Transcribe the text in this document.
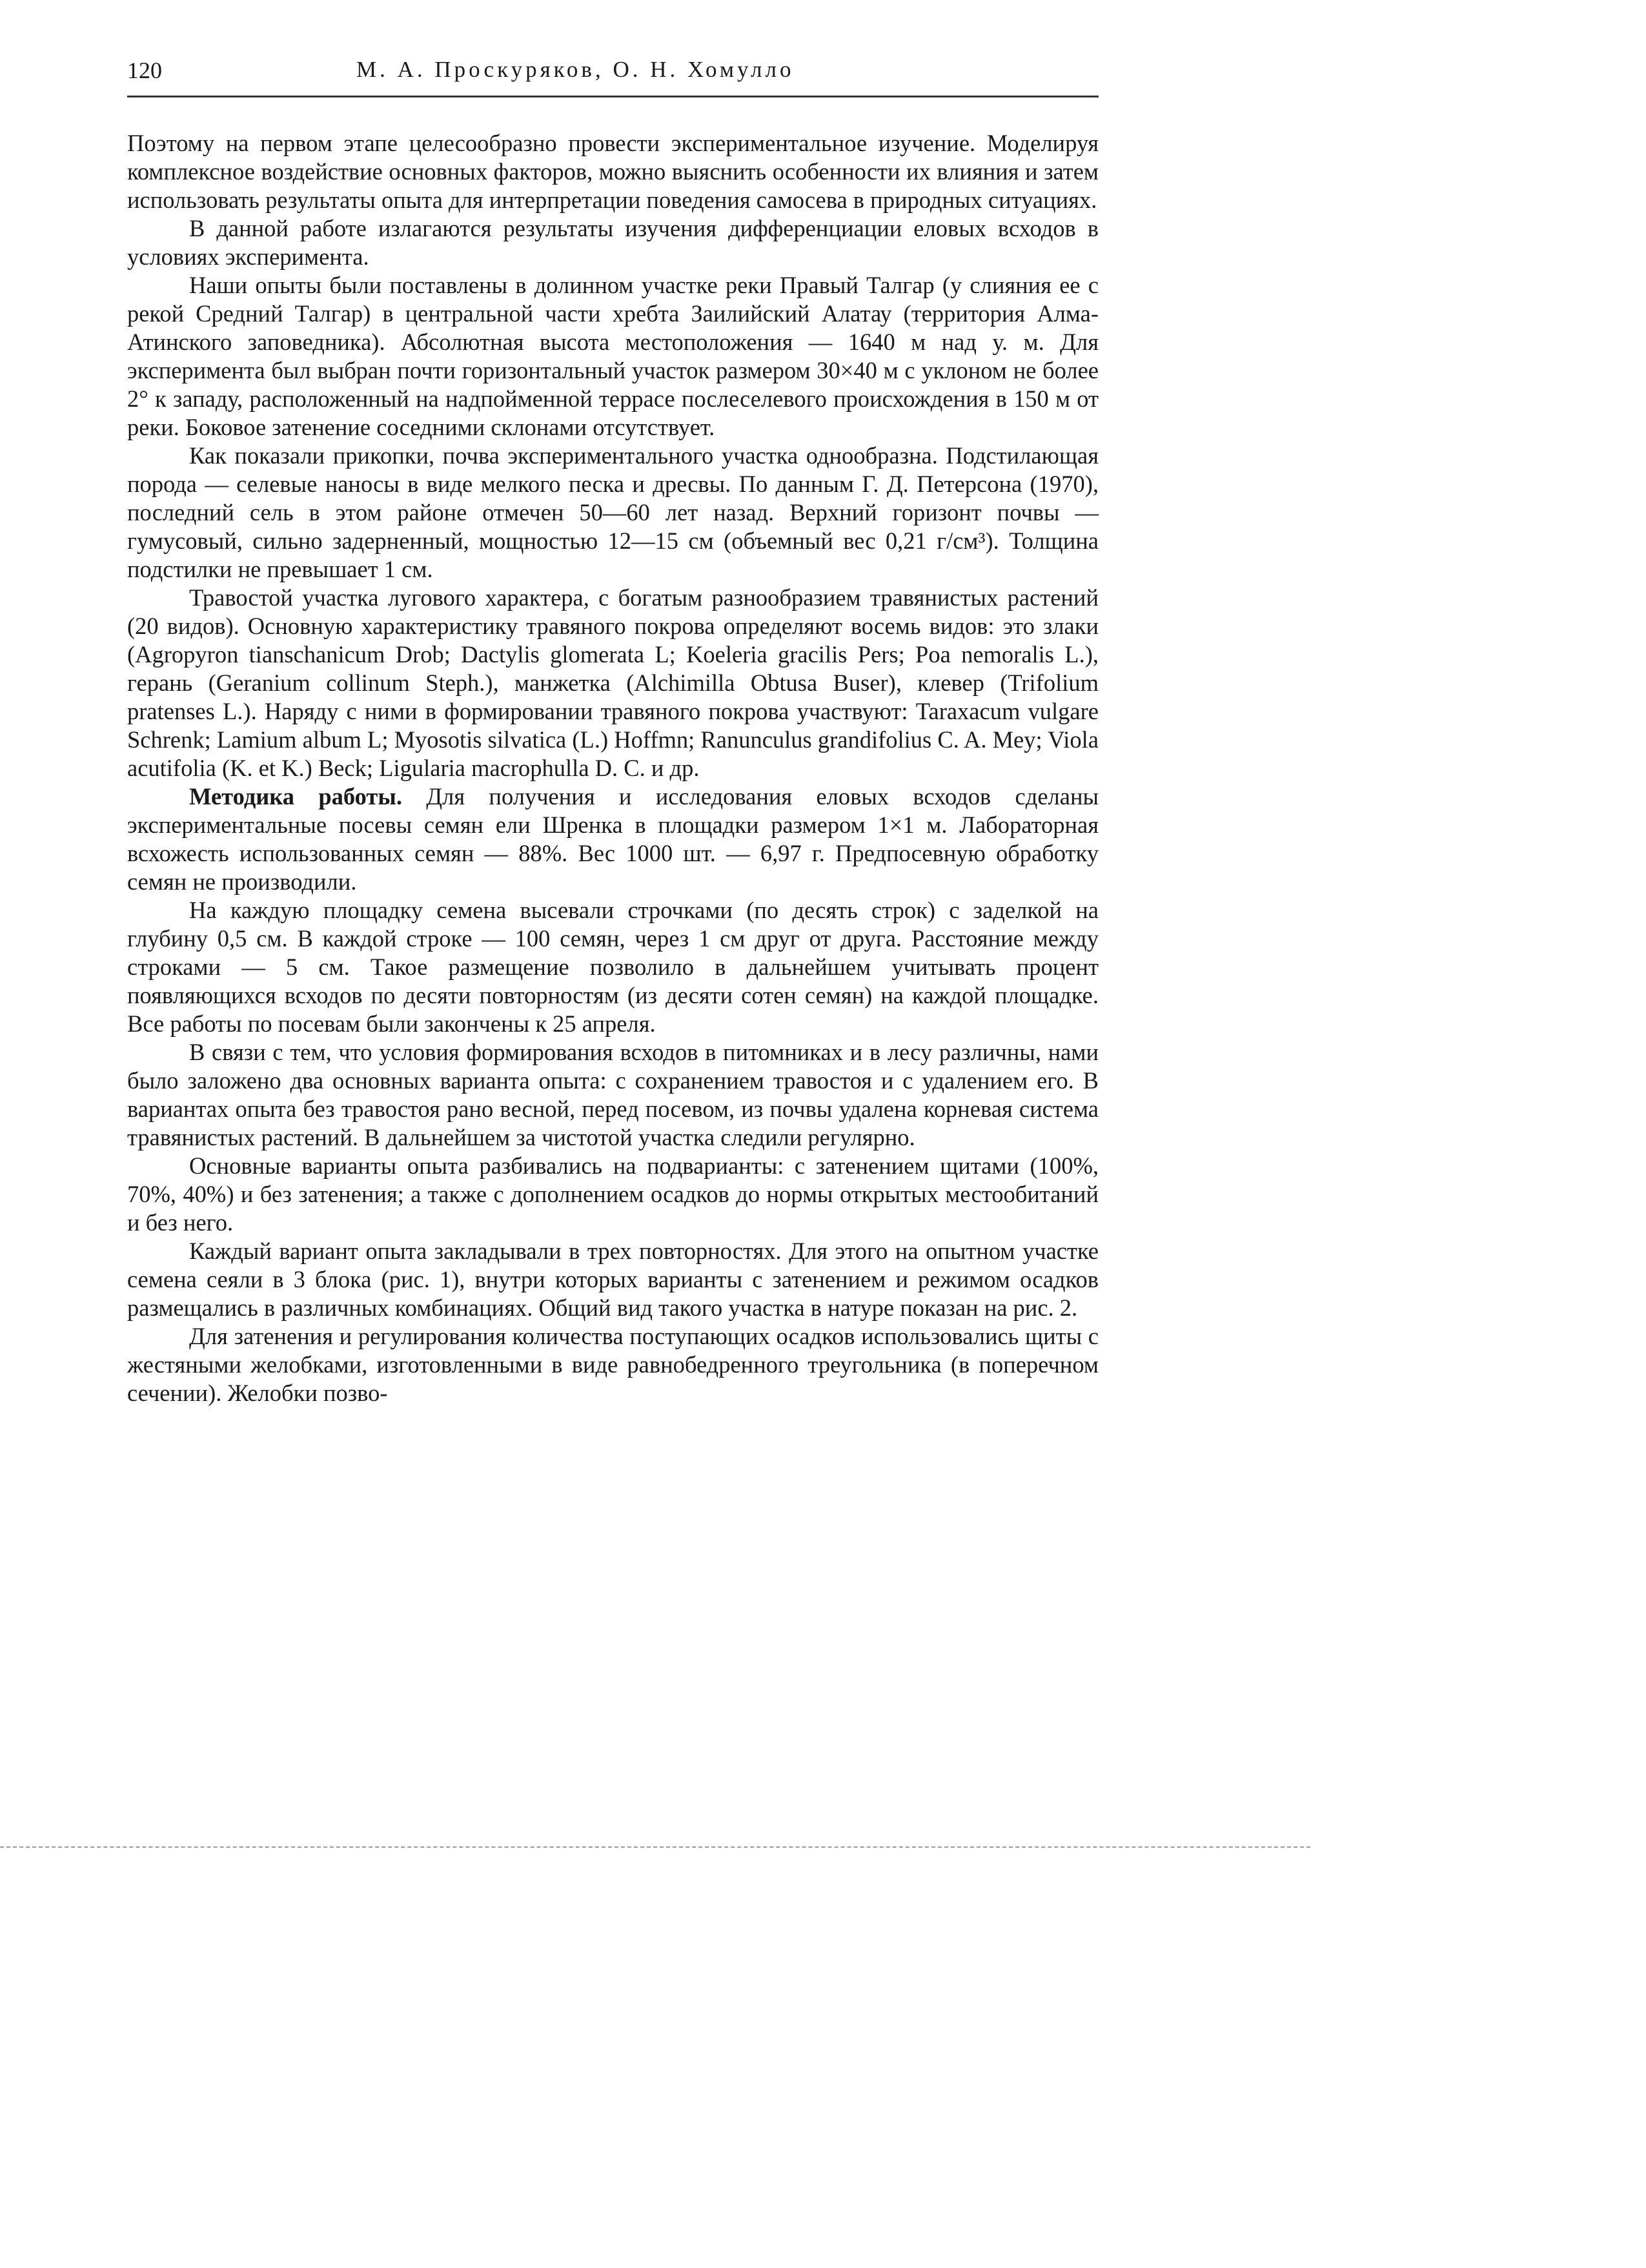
120	М. А. Проскуряков, О. Н. Хомулло

Поэтому на первом этапе целесообразно провести экспериментальное изучение. Моделируя комплексное воздействие основных факторов, можно выяснить особенности их влияния и затем использовать результаты опыта для интерпретации поведения самосева в природных ситуациях.

В данной работе излагаются результаты изучения дифференциации еловых всходов в условиях эксперимента.

Наши опыты были поставлены в долинном участке реки Правый Талгар (у слияния ее с рекой Средний Талгар) в центральной части хребта Заилийский Алатау (территория Алма-Атинского заповедника). Абсолютная высота местоположения — 1640 м над у. м. Для эксперимента был выбран почти горизонтальный участок размером 30×40 м с уклоном не более 2° к западу, расположенный на надпойменной террасе послеселевого происхождения в 150 м от реки. Боковое затенение соседними склонами отсутствует.

Как показали прикопки, почва экспериментального участка однообразна. Подстилающая порода — селевые наносы в виде мелкого песка и дресвы. По данным Г. Д. Петерсона (1970), последний сель в этом районе отмечен 50—60 лет назад. Верхний горизонт почвы — гумусовый, сильно задерненный, мощностью 12—15 см (объемный вес 0,21 г/см³). Толщина подстилки не превышает 1 см.

Травостой участка лугового характера, с богатым разнообразием травянистых растений (20 видов). Основную характеристику травяного покрова определяют восемь видов: это злаки (Agropyron tianschanicum Drob; Dactylis glomerata L; Koeleria gracilis Pers; Poa nemoralis L.), герань (Geranium collinum Steph.), манжетка (Alchimilla Obtusa Buser), клевер (Trifolium pratenses L.). Наряду с ними в формировании травяного покрова участвуют: Taraxacum vulgare Schrenk; Lamium album L; Myosotis silvatica (L.) Hoffmn; Ranunculus grandifolius C. A. Mey; Viola acutifolia (K. et K.) Beck; Ligularia macrophulla D. C. и др.

Методика работы. Для получения и исследования еловых всходов сделаны экспериментальные посевы семян ели Шренка в площадки размером 1×1 м. Лабораторная всхожесть использованных семян — 88%. Вес 1000 шт. — 6,97 г. Предпосевную обработку семян не производили.

На каждую площадку семена высевали строчками (по десять строк) с заделкой на глубину 0,5 см. В каждой строке — 100 семян, через 1 см друг от друга. Расстояние между строками — 5 см. Такое размещение позволило в дальнейшем учитывать процент появляющихся всходов по десяти повторностям (из десяти сотен семян) на каждой площадке. Все работы по посевам были закончены к 25 апреля.

В связи с тем, что условия формирования всходов в питомниках и в лесу различны, нами было заложено два основных варианта опыта: с сохранением травостоя и с удалением его. В вариантах опыта без травостоя рано весной, перед посевом, из почвы удалена корневая система травянистых растений. В дальнейшем за чистотой участка следили регулярно.

Основные варианты опыта разбивались на подварианты: с затенением щитами (100%, 70%, 40%) и без затенения; а также с дополнением осадков до нормы открытых местообитаний и без него.

Каждый вариант опыта закладывали в трех повторностях. Для этого на опытном участке семена сеяли в 3 блока (рис. 1), внутри которых варианты с затенением и режимом осадков размещались в различных комбинациях. Общий вид такого участка в натуре показан на рис. 2.

Для затенения и регулирования количества поступающих осадков использовались щиты с жестяными желобками, изготовленными в виде равнобедренного треугольника (в поперечном сечении). Желобки позво-
